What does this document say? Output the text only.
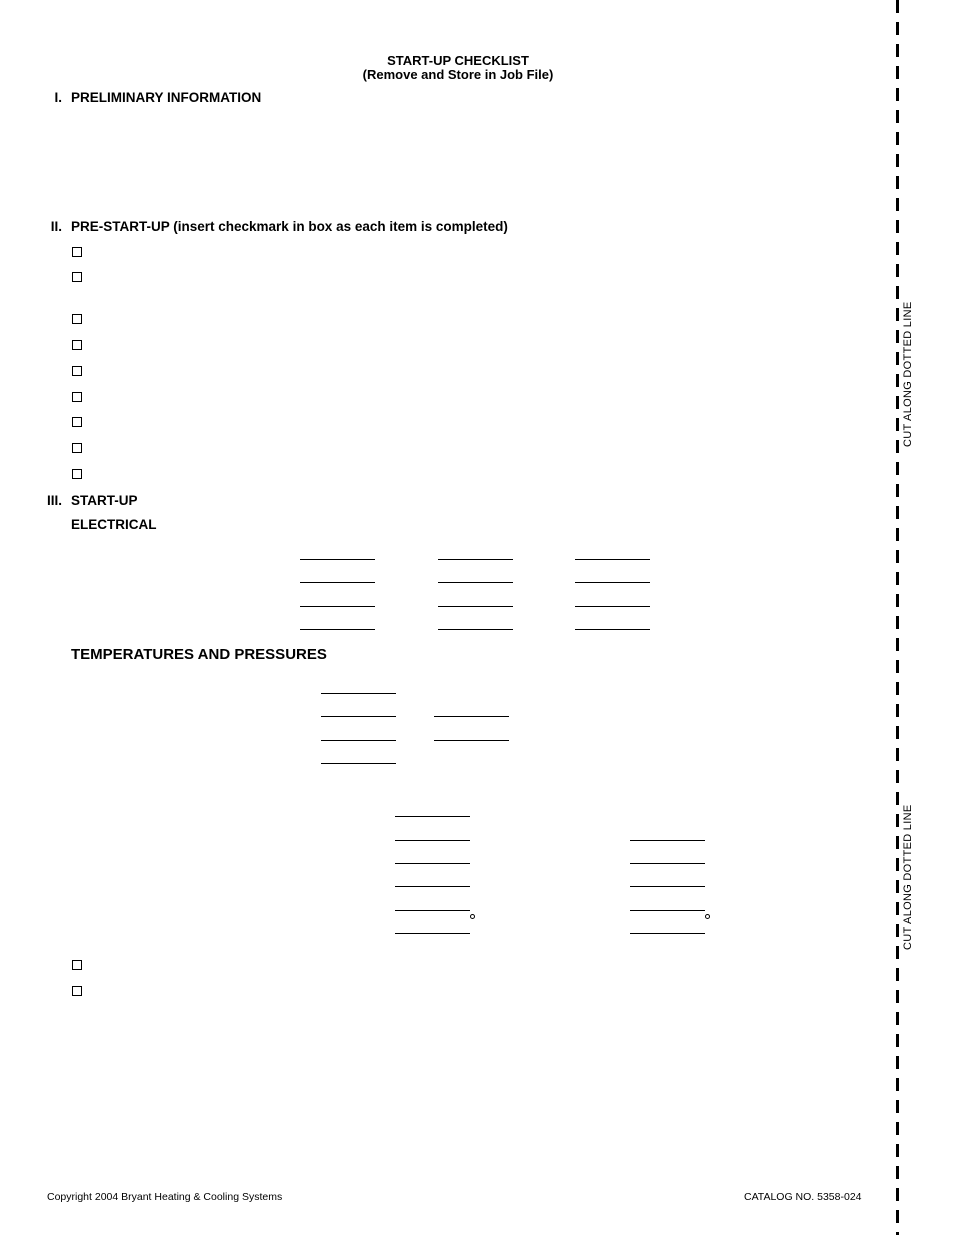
START-UP CHECKLIST
(Remove and Store in Job File)
I. PRELIMINARY INFORMATION
II. PRE-START-UP (insert checkmark in box as each item is completed)
III. START-UP
ELECTRICAL
TEMPERATURES AND PRESSURES
CUT ALONG DOTTED LINE
CUT ALONG DOTTED LINE
Copyright 2004 Bryant Heating & Cooling Systems	CATALOG NO. 5358-024
